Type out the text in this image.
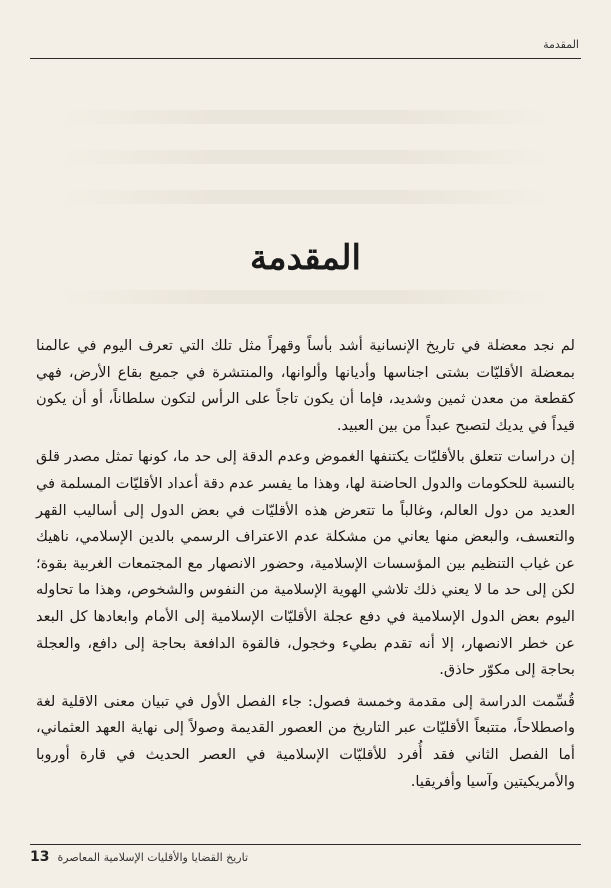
المقدمة
المقدمة

لم نجد معضلة في تاريخ الإنسانية أشد بأساً وقهراً مثل تلك التي تعرف اليوم في عالمنا بمعضلة الأقليّات بشتى اجناسها وأديانها وألوانها، والمنتشرة في جميع بقاع الأرض، فهي كقطعة من معدن ثمين وشديد، فإما أن يكون تاجاً على الرأس لتكون سلطاناً، أو أن يكون قيداً في يديك لتصبح عبداً من بين العبيد.

إن دراسات تتعلق بالأقليّات يكتنفها الغموض وعدم الدقة إلى حد ما، كونها تمثل مصدر قلق بالنسبة للحكومات والدول الحاضنة لها، وهذا ما يفسر عدم دقة أعداد الأقليّات المسلمة في العديد من دول العالم، وغالباً ما تتعرض هذه الأقليّات في بعض الدول إلى أساليب القهر والتعسف، والبعض منها يعاني من مشكلة عدم الاعتراف الرسمي بالدين الإسلامي، ناهيك عن غياب التنظيم بين المؤسسات الإسلامية، وحضور الانصهار مع المجتمعات الغربية بقوة؛ لكن إلى حد ما لا يعني ذلك تلاشي الهوية الإسلامية من النفوس والشخوص، وهذا ما تحاوله اليوم بعض الدول الإسلامية في دفع عجلة الأقليّات الإسلامية إلى الأمام وابعادها كل البعد عن خطر الانصهار، إلا أنه تقدم بطيء وخجول، فالقوة الدافعة بحاجة إلى دافع، والعجلة بحاجة إلى مكوّر حاذق.

قُسِّمت الدراسة إلى مقدمة وخمسة فصول: جاء الفصل الأول في تبيان معنى الاقلية لغة واصطلاحاً، متتبعاً الأقليّات عبر التاريخ من العصور القديمة وصولاً إلى نهاية العهد العثماني، أما الفصل الثاني فقد أُفرد للأقليّات الإسلامية في العصر الحديث في قارة أوروبا والأمريكيتين وآسيا وأفريقيا.

13 تاريخ القضايا والأقليات الإسلامية المعاصرة
